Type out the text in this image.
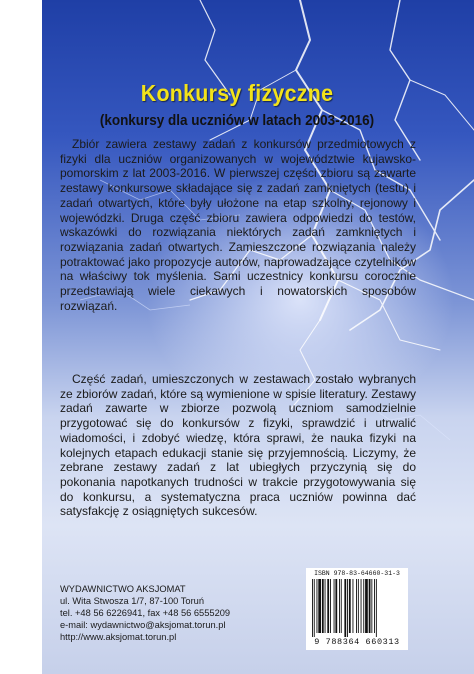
Konkursy fizyczne
(konkursy dla uczniów w latach 2003-2016)

Zbiór zawiera zestawy zadań z konkursów przedmiotowych z fizyki dla uczniów organizowanych w województwie kujawsko-pomorskim z lat 2003-2016. W pierwszej części zbioru są zawarte zestawy konkursowe składające się z zadań zamkniętych (testu) i zadań otwartych, które były ułożone na etap szkolny, rejonowy i wojewódzki. Druga część zbioru zawiera odpowiedzi do testów, wskazówki do rozwiązania niektórych zadań zamkniętych i rozwiązania zadań otwartych. Zamieszczone rozwiązania należy potraktować jako propozycje autorów, naprowadzające czytelników na właściwy tok myślenia. Sami uczestnicy konkursu corocznie przedstawiają wiele ciekawych i nowatorskich sposobów rozwiązań.

Część zadań, umieszczonych w zestawach zostało wybranych ze zbiorów zadań, które są wymienione w spisie literatury. Zestawy zadań zawarte w zbiorze pozwolą uczniom samodzielnie przygotować się do konkursów z fizyki, sprawdzić i utrwalić wiadomości, i zdobyć wiedzę, która sprawi, że nauka fizyki na kolejnych etapach edukacji stanie się przyjemnością. Liczymy, że zebrane zestawy zadań z lat ubiegłych przyczynią się do pokonania napotkanych trudności w trakcie przygotowywania się do konkursu, a systematyczna praca uczniów powinna dać satysfakcję z osiągniętych sukcesów.

WYDAWNICTWO AKSJOMAT
ul. Wita Stwosza 1/7, 87-100 Toruń
tel. +48 56 6226941, fax +48 56 6555209
e-mail: wydawnictwo@aksjomat.torun.pl
http://www.aksjomat.torun.pl
ISBN 978-83-64660-31-3
9 788364 660313
